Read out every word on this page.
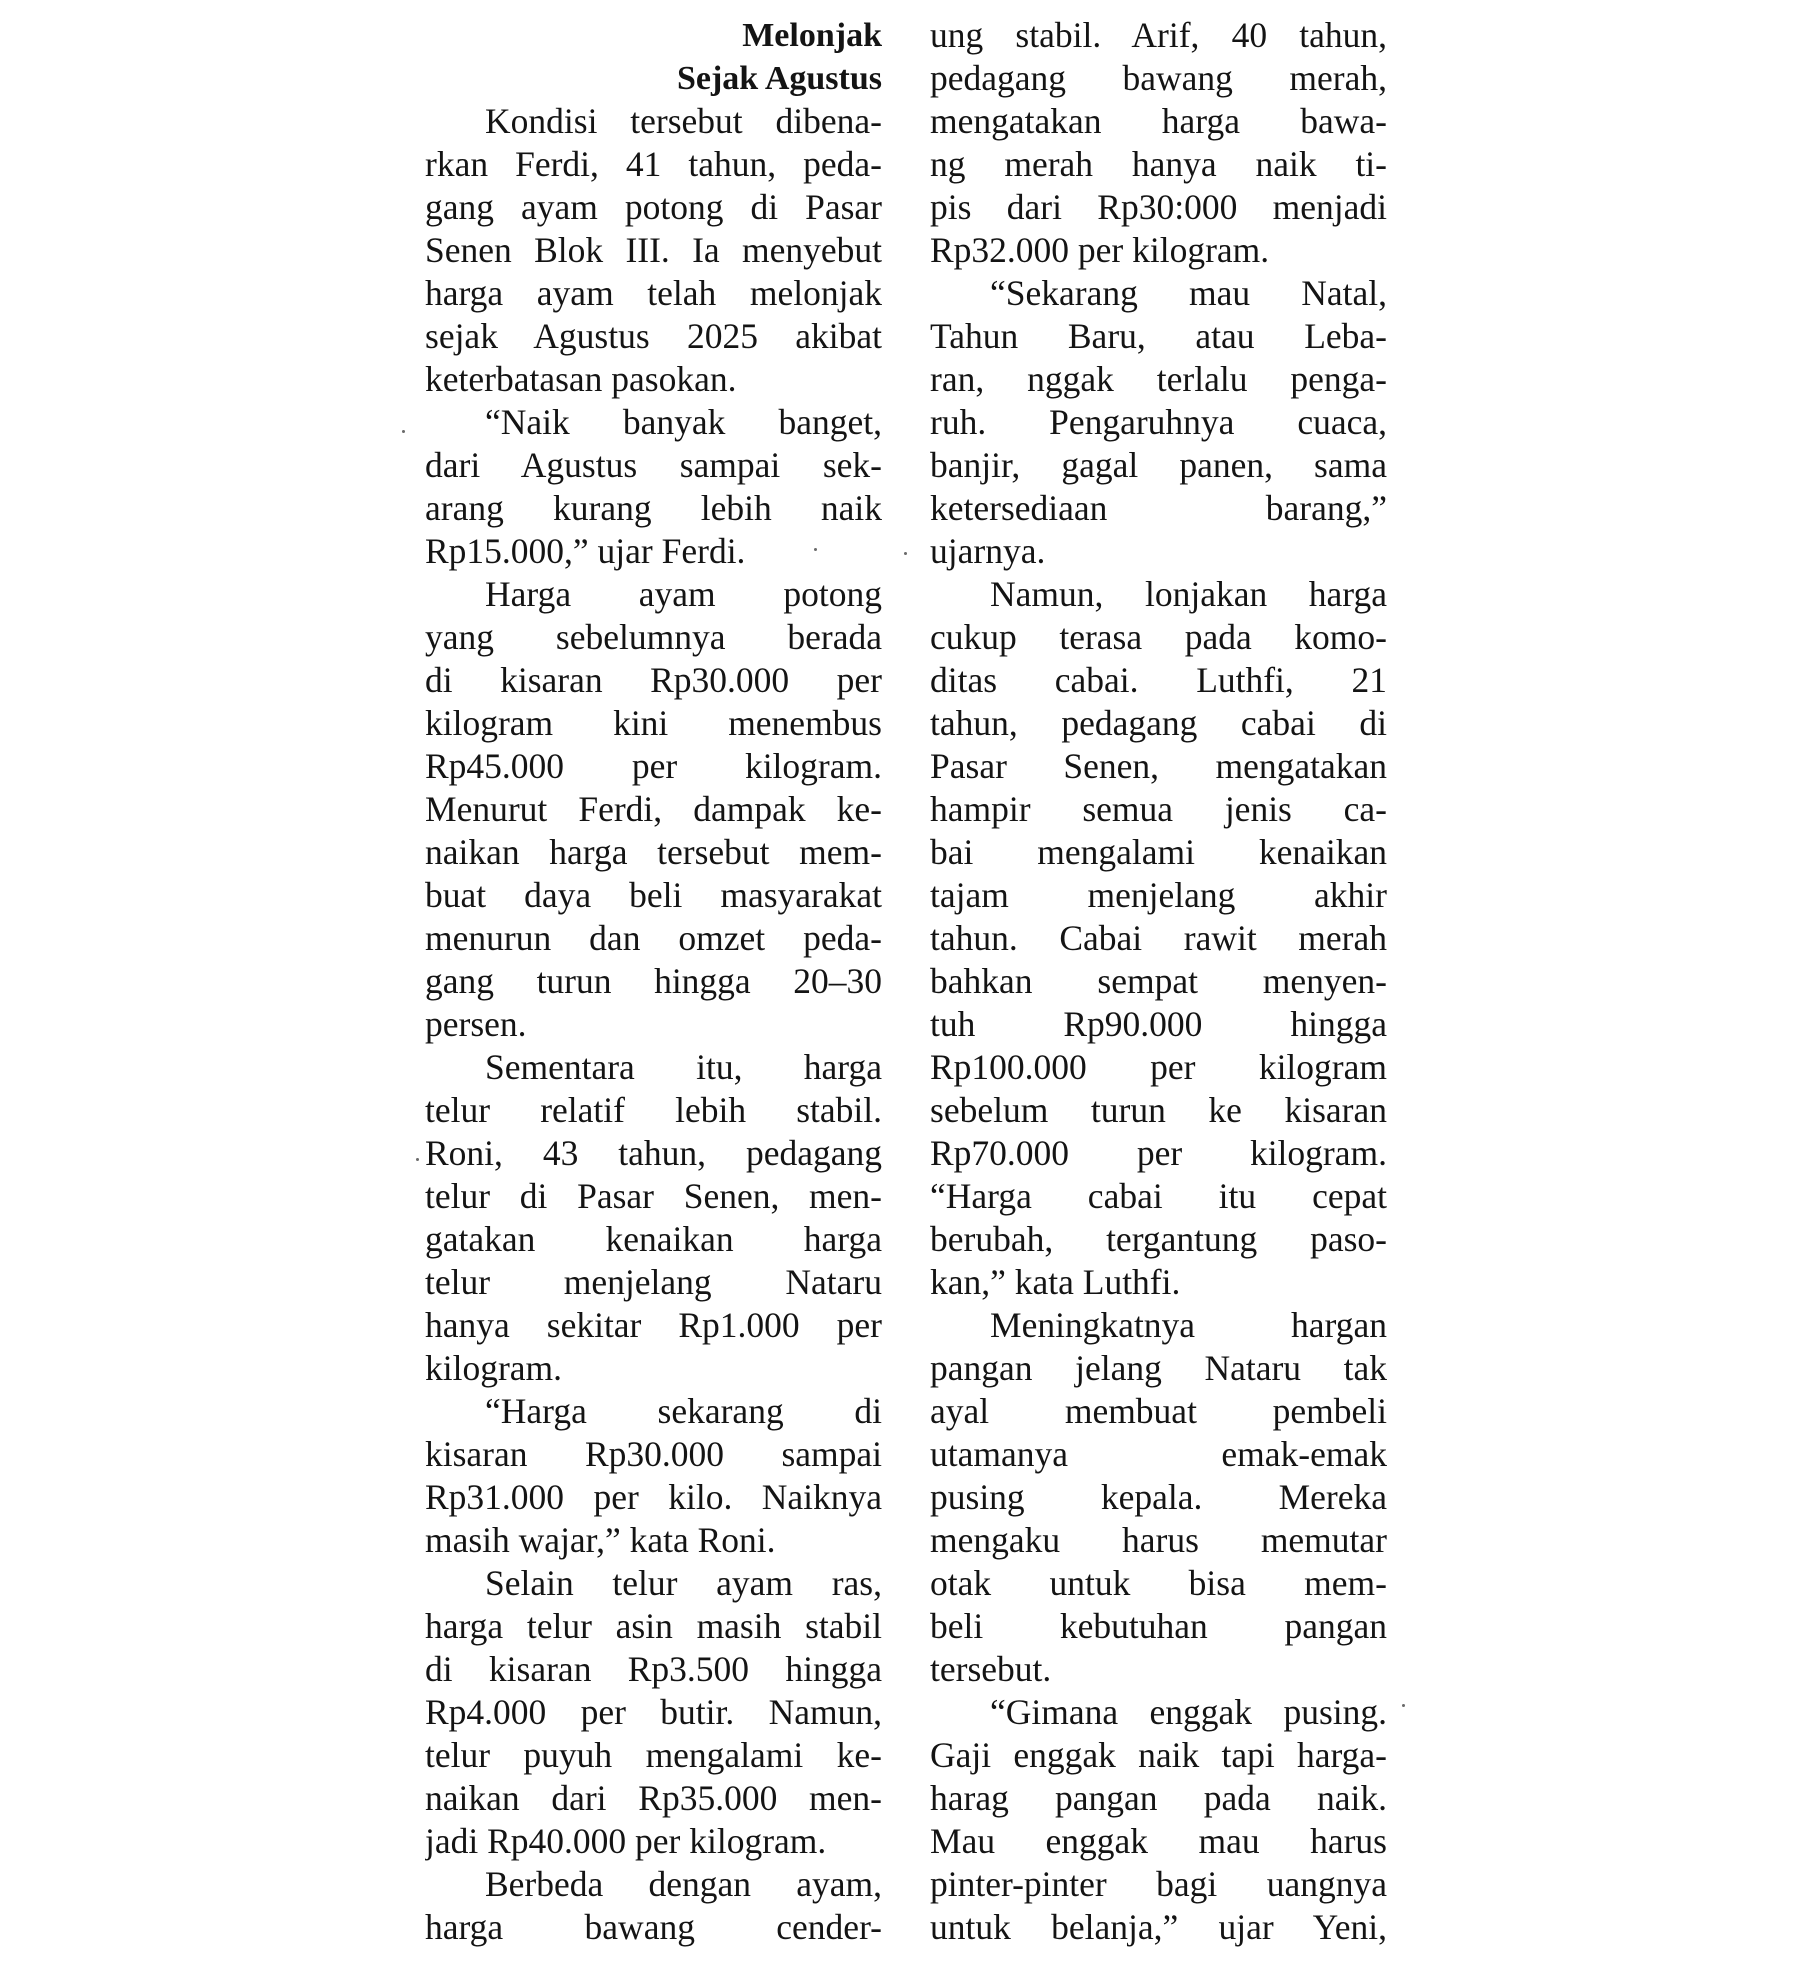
Melonjak
Sejak Agustus
Kondisi tersebut dibena-
rkan Ferdi, 41 tahun, peda-
gang ayam potong di Pasar
Senen Blok III. Ia menyebut
harga ayam telah melonjak
sejak Agustus 2025 akibat
keterbatasan pasokan.
“Naik banyak banget,
dari Agustus sampai sek-
arang kurang lebih naik
Rp15.000,” ujar Ferdi.
Harga ayam potong
yang sebelumnya berada
di kisaran Rp30.000 per
kilogram kini menembus
Rp45.000 per kilogram.
Menurut Ferdi, dampak ke-
naikan harga tersebut mem-
buat daya beli masyarakat
menurun dan omzet peda-
gang turun hingga 20–30
persen.
Sementara itu, harga
telur relatif lebih stabil.
Roni, 43 tahun, pedagang
telur di Pasar Senen, men-
gatakan kenaikan harga
telur menjelang Nataru
hanya sekitar Rp1.000 per
kilogram.
“Harga sekarang di
kisaran Rp30.000 sampai
Rp31.000 per kilo. Naiknya
masih wajar,” kata Roni.
Selain telur ayam ras,
harga telur asin masih stabil
di kisaran Rp3.500 hingga
Rp4.000 per butir. Namun,
telur puyuh mengalami ke-
naikan dari Rp35.000 men-
jadi Rp40.000 per kilogram.
Berbeda dengan ayam,
harga bawang cender-
ung stabil. Arif, 40 tahun,
pedagang bawang merah,
mengatakan harga bawa-
ng merah hanya naik ti-
pis dari Rp30:000 menjadi
Rp32.000 per kilogram.
“Sekarang mau Natal,
Tahun Baru, atau Leba-
ran, nggak terlalu penga-
ruh. Pengaruhnya cuaca,
banjir, gagal panen, sama
ketersediaan barang,”
ujarnya.
Namun, lonjakan harga
cukup terasa pada komo-
ditas cabai. Luthfi, 21
tahun, pedagang cabai di
Pasar Senen, mengatakan
hampir semua jenis ca-
bai mengalami kenaikan
tajam menjelang akhir
tahun. Cabai rawit merah
bahkan sempat menyen-
tuh Rp90.000 hingga
Rp100.000 per kilogram
sebelum turun ke kisaran
Rp70.000 per kilogram.
“Harga cabai itu cepat
berubah, tergantung paso-
kan,” kata Luthfi.
Meningkatnya hargan
pangan jelang Nataru tak
ayal membuat pembeli
utamanya emak-emak
pusing kepala. Mereka
mengaku harus memutar
otak untuk bisa mem-
beli kebutuhan pangan
tersebut.
“Gimana enggak pusing.
Gaji enggak naik tapi harga-
harag pangan pada naik.
Mau enggak mau harus
pinter-pinter bagi uangnya
untuk belanja,” ujar Yeni,
